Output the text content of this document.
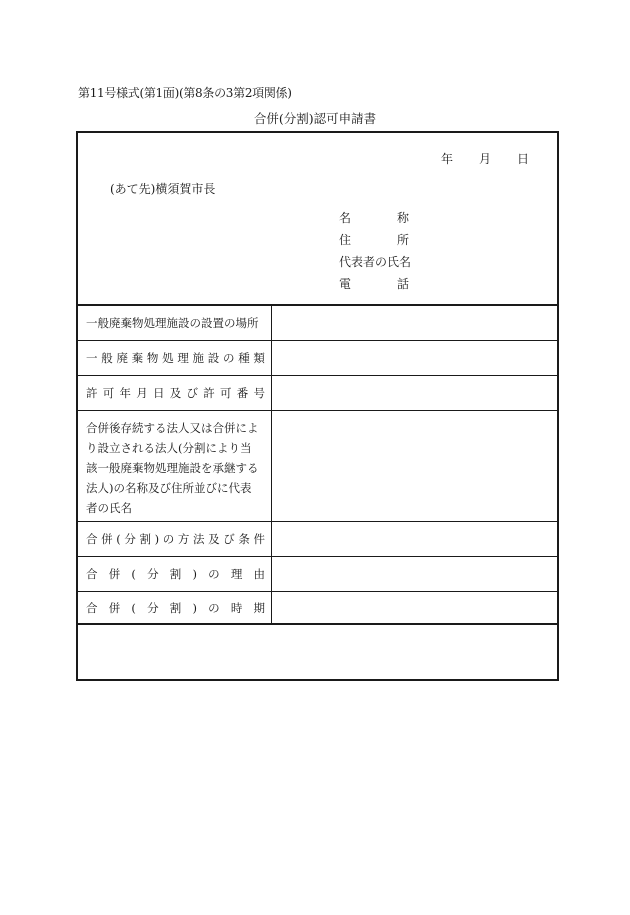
第11号様式(第1面)(第8条の3第2項関係)
合併(分割)認可申請書
年 月 日
(あて先)横須賀市長
名	称
住	所
代表者の氏名
電	話
一般廃棄物処理施設の設置の場所
一 般 廃 棄 物 処 理 施 設 の 種 類
許 可 年 月 日 及 び 許 可 番 号
合併後存続する法人又は合併によ
り設立される法人(分割により当
該一般廃棄物処理施設を承継する
法人)の名称及び住所並びに代表
者の氏名
合 併 ( 分 割 ) の 方 法 及 び 条 件
合 併 ( 分 割 ) の 理 由
合 併 ( 分 割 ) の 時 期
